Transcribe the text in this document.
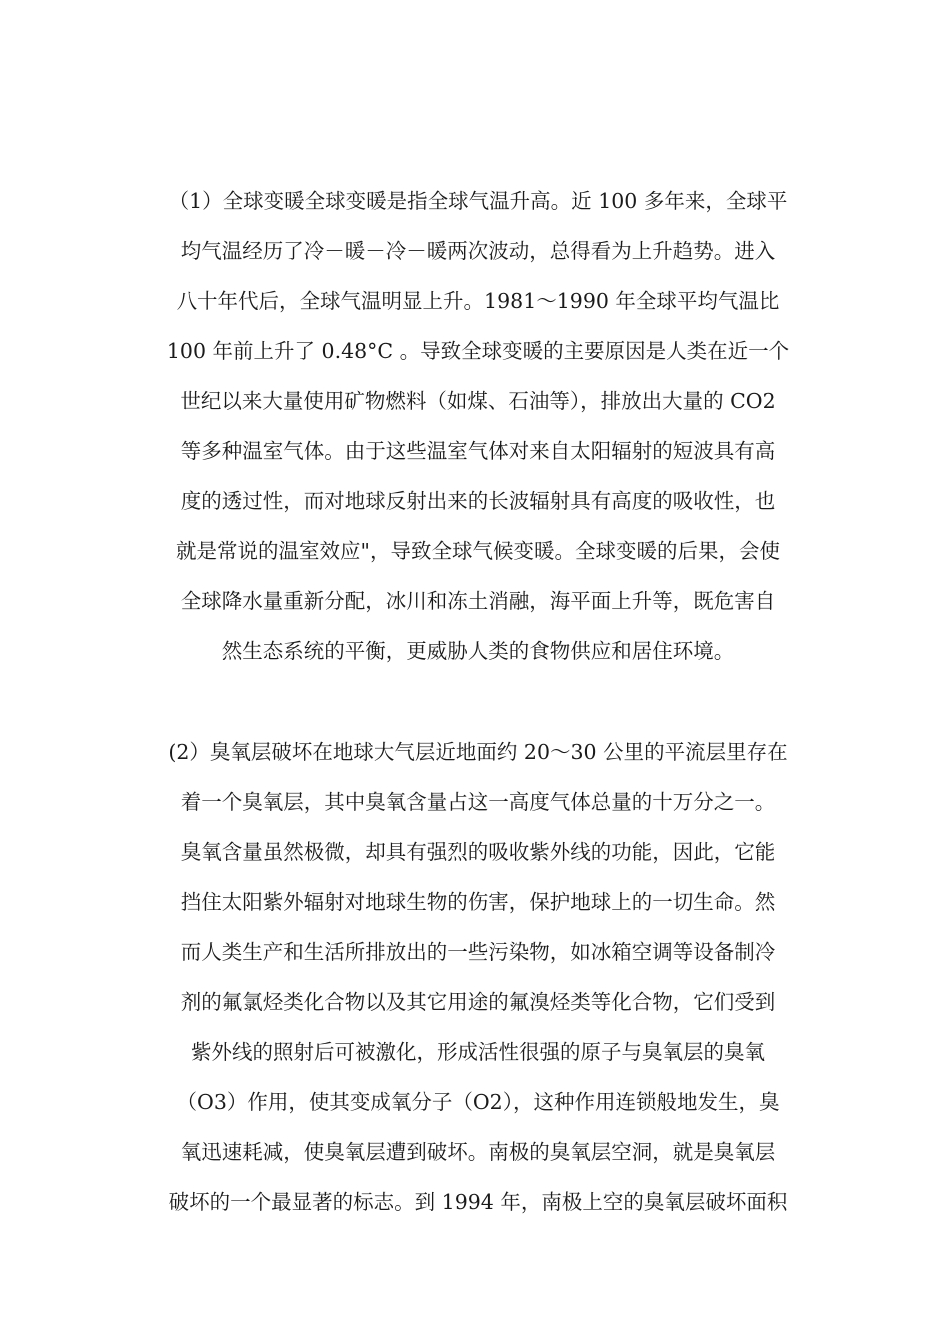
（1）全球变暖全球变暖是指全球气温升高。近 100 多年来，全球平
均气温经历了冷－暖－冷－暖两次波动，总得看为上升趋势。进入
八十年代后，全球气温明显上升。1981～1990 年全球平均气温比
100 年前上升了 0.48°C 。导致全球变暖的主要原因是人类在近一个
世纪以来大量使用矿物燃料（如煤、石油等），排放出大量的 CO2
等多种温室气体。由于这些温室气体对来自太阳辐射的短波具有高
度的透过性，而对地球反射出来的长波辐射具有高度的吸收性，也
就是常说的温室效应"，导致全球气候变暖。全球变暖的后果，会使
全球降水量重新分配，冰川和冻土消融，海平面上升等，既危害自
然生态系统的平衡，更威胁人类的食物供应和居住环境。
(2）臭氧层破坏在地球大气层近地面约 20～30 公里的平流层里存在
着一个臭氧层，其中臭氧含量占这一高度气体总量的十万分之一。
臭氧含量虽然极微，却具有强烈的吸收紫外线的功能，因此，它能
挡住太阳紫外辐射对地球生物的伤害，保护地球上的一切生命。然
而人类生产和生活所排放出的一些污染物，如冰箱空调等设备制冷
剂的氟氯烃类化合物以及其它用途的氟溴烃类等化合物，它们受到
紫外线的照射后可被激化，形成活性很强的原子与臭氧层的臭氧
（O3）作用，使其变成氧分子（O2），这种作用连锁般地发生，臭
氧迅速耗减，使臭氧层遭到破坏。南极的臭氧层空洞，就是臭氧层
破坏的一个最显著的标志。到 1994 年，南极上空的臭氧层破坏面积
